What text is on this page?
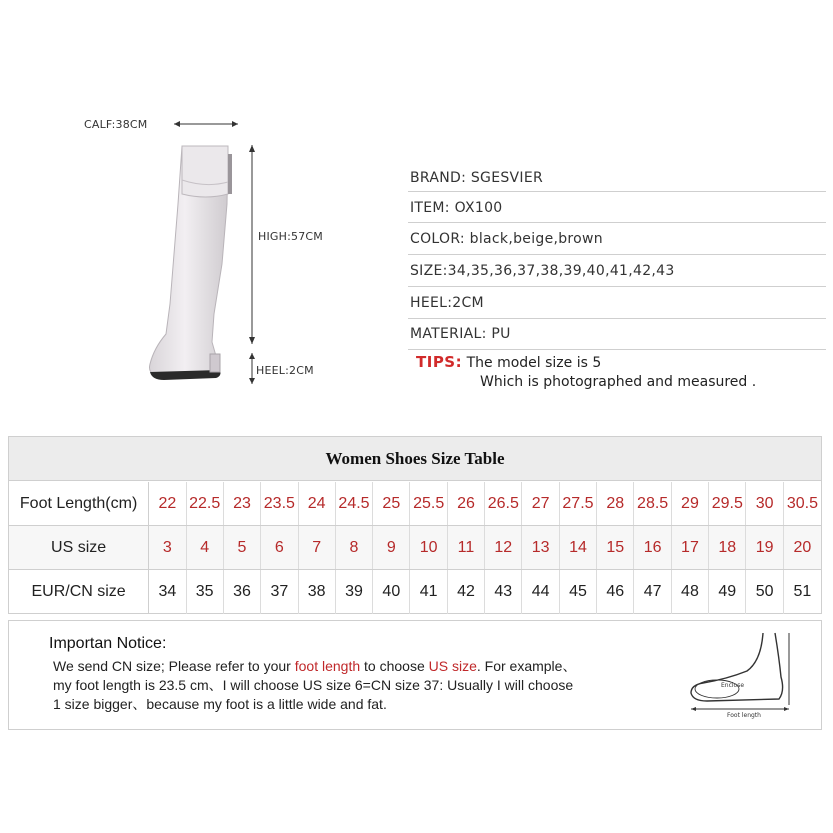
CALF:38CM
HIGH:57CM
HEEL:2CM
BRAND: SGESVIER
ITEM: OX100
COLOR: black,beige,brown
SIZE:34,35,36,37,38,39,40,41,42,43
HEEL:2CM
MATERIAL: PU
TIPS: The model size is 5
Which is photographed and measured .
Women Shoes Size Table
Foot Length(cm)	22 22.5 23 23.5 24 24.5 25 25.5 26 26.5 27 27.5 28 28.5 29 29.5 30 30.5
US size	3	4	5	6	7	8	9	10	11	12	13	14	15	16	17	18	19	20
EUR/CN size	34	35	36	37	38	39	40	41	42	43	44	45	46	47	48	49	50	51
Importan Notice:
We send CN size; Please refer to your foot length to choose US size. For example、
my foot length is 23.5 cm、I will choose US size 6=CN size 37: Usually I will choose
1 size bigger、because my foot is a little wide and fat.
Enclose
Foot length
